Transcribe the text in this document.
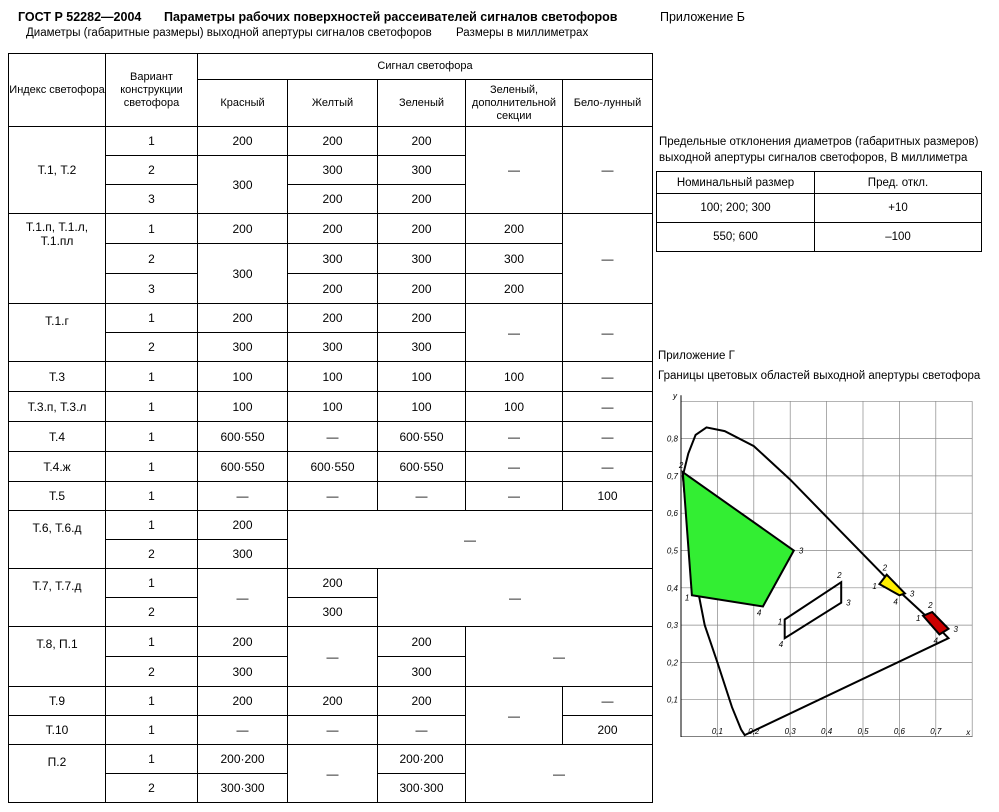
ГОСТ Р 52282—2004 Параметры рабочих поверхностей рассеивателей сигналов светофоров	Приложение Б
Диаметры (габаритные размеры) выходной апертуры сигналов светофоров Размеры в миллиметрах
Индекс светофора	Вариант конструкции светофора	Сигнал светофора				
		Красный	Желтый	Зеленый	Зеленый, дополнительной секции	Бело-лунный
Т.1, Т.2	1	200	200	200	—	—
	2	300	300	300		
	3		200	200		
Т.1.п, Т.1.л, Т.1.пл	1	200	200	200	200	—
	2	300	300	300	300	
	3		200	200	200	
Т.1.г	1	200	200	200	—	—
	2	300	300	300		
Т.3	1	100	100	100	100	—
Т.3.п, Т.3.л	1	100	100	100	100	—
Т.4	1	600·550	—	600·550	—	—
Т.4.ж	1	600·550	600·550	600·550	—	—
Т.5	1	—	—	—	—	100
Т.6, Т.6.д	1	200	—			
	2	300				
Т.7, Т.7.д	1	—	200	—		
	2		300			
Т.8, П.1	1	200	—	200	—	
	2	300		300		
Т.9	1	200	200	200	—	—
Т.10	1	—	—	—		200
П.2	1	200·200	—	200·200	—	
	2	300·300		300·300		
Предельные отклонения диаметров (габаритных размеров)
выходной апертуры сигналов светофоров, В миллиметра
Номинальный размер	Пред. откл.
100; 200; 300	+10
550; 600	–100
Приложение Г
Границы цветовых областей выходной апертуры светофора
y
x
0,1	0,2	0,3	0,4	0,5	0,6	0,7
0,1
0,2
0,3
0,4
0,5
0,6
0,7
0,8
1
2
3
4
1
2
3
4
1
2
3
4
1
2
3
4
